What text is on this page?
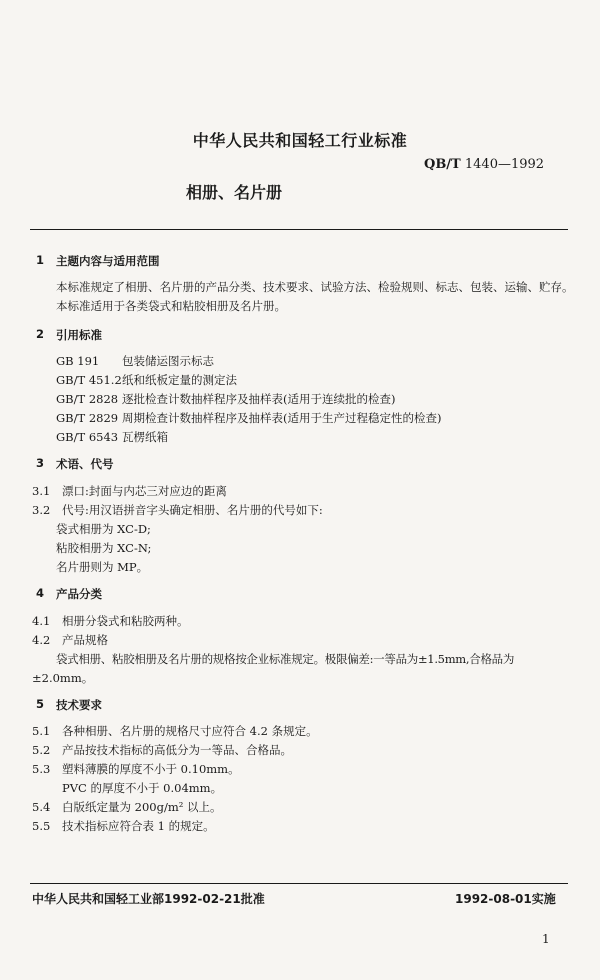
中华人民共和国轻工行业标准
QB/T 1440—1992
相册、名片册
1 主题内容与适用范围
本标准规定了相册、名片册的产品分类、技术要求、试验方法、检验规则、标志、包装、运输、贮存。
本标准适用于各类袋式和粘胶相册及名片册。
2 引用标准
GB 191 包装储运图示标志
GB/T 451.2纸和纸板定量的测定法
GB/T 2828 逐批检查计数抽样程序及抽样表(适用于连续批的检查)
GB/T 2829 周期检查计数抽样程序及抽样表(适用于生产过程稳定性的检查)
GB/T 6543 瓦楞纸箱
3 术语、代号
3.1 漂口:封面与内芯三对应边的距离
3.2 代号:用汉语拼音字头确定相册、名片册的代号如下:
袋式相册为 XC-D;
粘胶相册为 XC-N;
名片册则为 MP。
4 产品分类
4.1 相册分袋式和粘胶两种。
4.2 产品规格
袋式相册、粘胶相册及名片册的规格按企业标准规定。极限偏差:一等品为±1.5mm,合格品为
±2.0mm。
5 技术要求
5.1 各种相册、名片册的规格尺寸应符合 4.2 条规定。
5.2 产品按技术指标的高低分为一等品、合格品。
5.3 塑料薄膜的厚度不小于 0.10mm。
PVC 的厚度不小于 0.04mm。
5.4 白版纸定量为 200g/m² 以上。
5.5 技术指标应符合表 1 的规定。
中华人民共和国轻工业部1992-02-21批准	1992-08-01实施
1
